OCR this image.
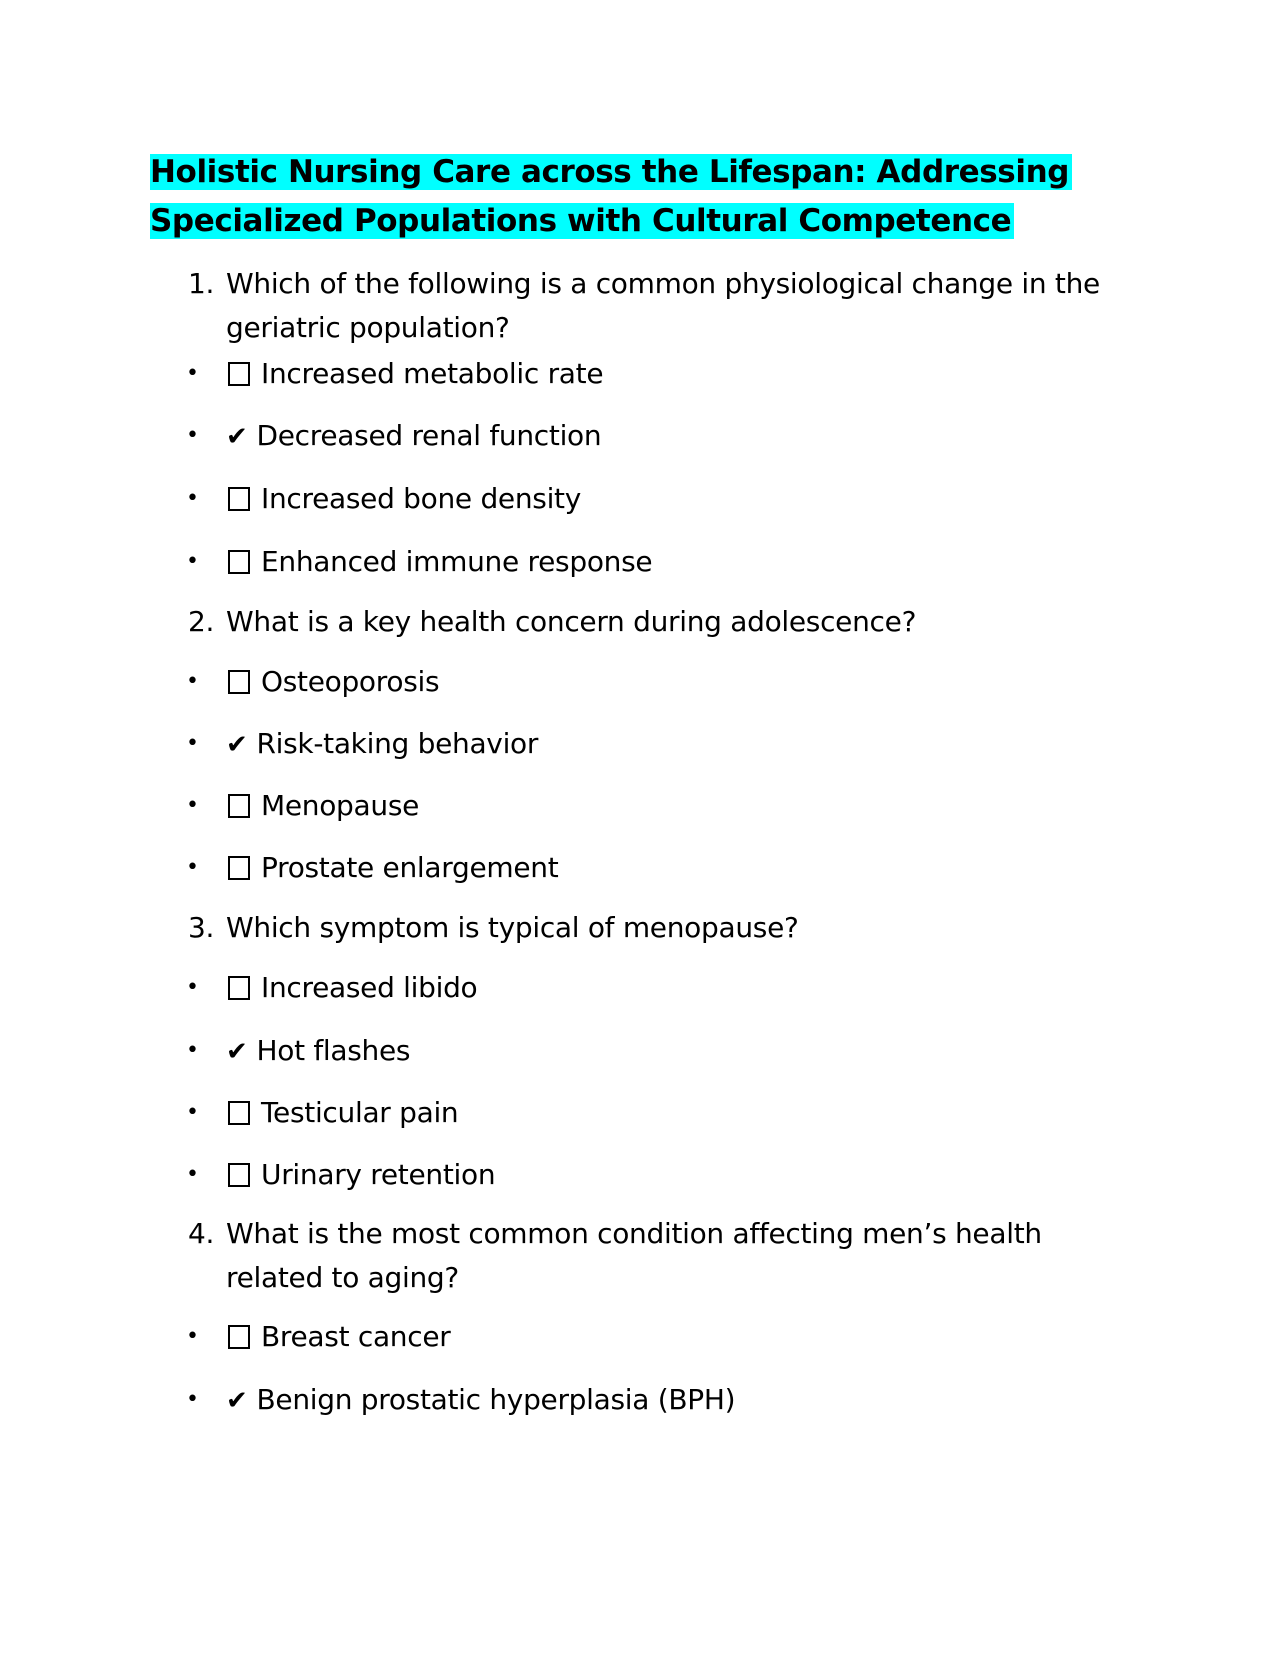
Holistic Nursing Care across the Lifespan: Addressing Specialized Populations with Cultural Competence
1. Which of the following is a common physiological change in the geriatric population?
•	Increased metabolic rate
• ✔ Decreased renal function
•	Increased bone density
•	Enhanced immune response
2. What is a key health concern during adolescence?
•	Osteoporosis
• ✔ Risk-taking behavior
•	Menopause
•	Prostate enlargement
3. Which symptom is typical of menopause?
•	Increased libido
• ✔ Hot flashes
•	Testicular pain
•	Urinary retention
4. What is the most common condition affecting men’s health related to aging?
•	Breast cancer
• ✔ Benign prostatic hyperplasia (BPH)
